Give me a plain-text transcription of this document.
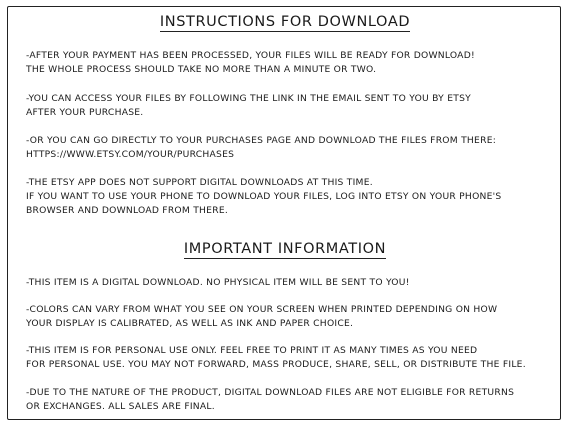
INSTRUCTIONS FOR DOWNLOAD

-AFTER YOUR PAYMENT HAS BEEN PROCESSED, YOUR FILES WILL BE READY FOR DOWNLOAD!
THE WHOLE PROCESS SHOULD TAKE NO MORE THAN A MINUTE OR TWO.

-YOU CAN ACCESS YOUR FILES BY FOLLOWING THE LINK IN THE EMAIL SENT TO YOU BY ETSY
AFTER YOUR PURCHASE.

-OR YOU CAN GO DIRECTLY TO YOUR PURCHASES PAGE AND DOWNLOAD THE FILES FROM THERE:
HTTPS://WWW.ETSY.COM/YOUR/PURCHASES

-THE ETSY APP DOES NOT SUPPORT DIGITAL DOWNLOADS AT THIS TIME.
IF YOU WANT TO USE YOUR PHONE TO DOWNLOAD YOUR FILES, LOG INTO ETSY ON YOUR PHONE'S
BROWSER AND DOWNLOAD FROM THERE.

IMPORTANT INFORMATION

-THIS ITEM IS A DIGITAL DOWNLOAD. NO PHYSICAL ITEM WILL BE SENT TO YOU!

-COLORS CAN VARY FROM WHAT YOU SEE ON YOUR SCREEN WHEN PRINTED DEPENDING ON HOW
YOUR DISPLAY IS CALIBRATED, AS WELL AS INK AND PAPER CHOICE.

-THIS ITEM IS FOR PERSONAL USE ONLY. FEEL FREE TO PRINT IT AS MANY TIMES AS YOU NEED
FOR PERSONAL USE. YOU MAY NOT FORWARD, MASS PRODUCE, SHARE, SELL, OR DISTRIBUTE THE FILE.

-DUE TO THE NATURE OF THE PRODUCT, DIGITAL DOWNLOAD FILES ARE NOT ELIGIBLE FOR RETURNS
OR EXCHANGES. ALL SALES ARE FINAL.
